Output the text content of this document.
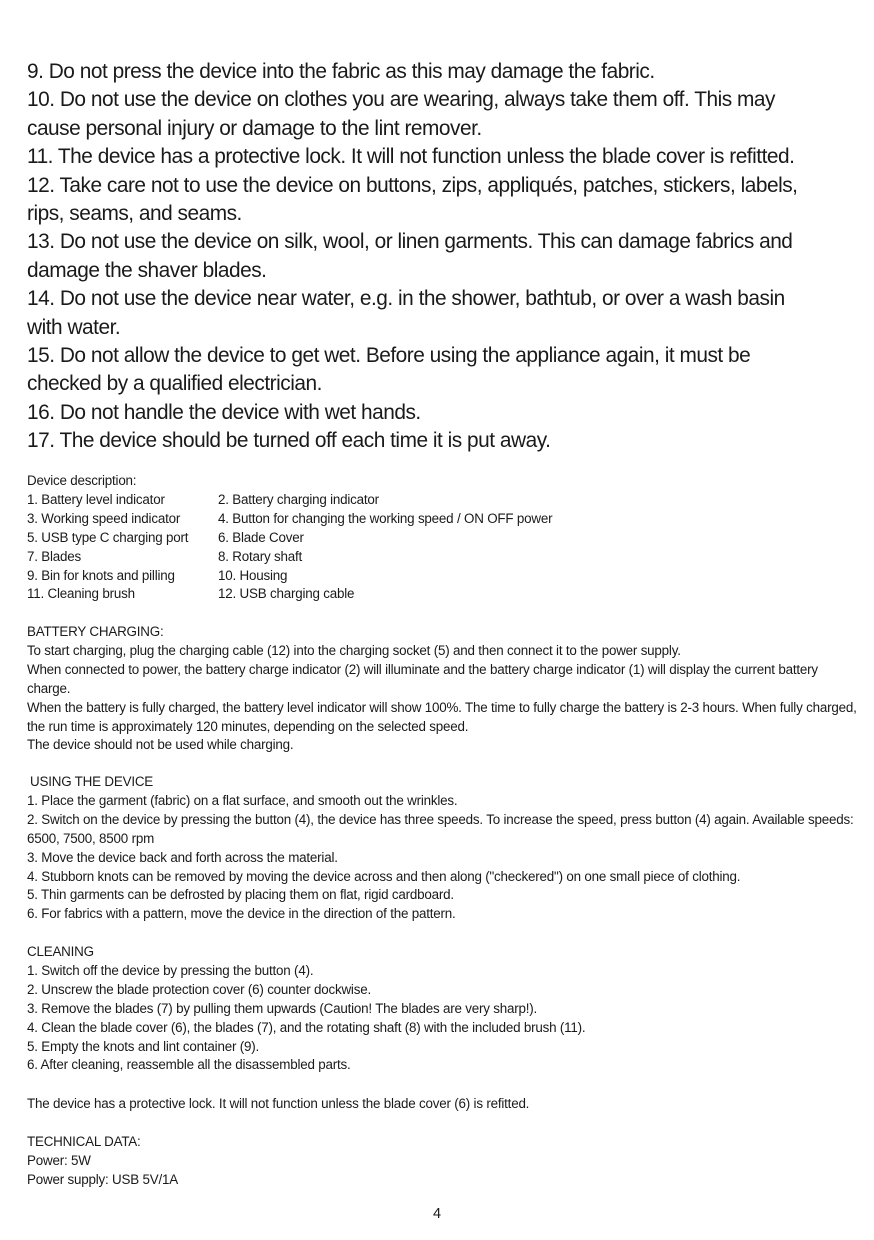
9. Do not press the device into the fabric as this may damage the fabric.

10. Do not use the device on clothes you are wearing, always take them off. This may cause personal injury or damage to the lint remover.

11. The device has a protective lock. It will not function unless the blade cover is refitted.

12. Take care not to use the device on buttons, zips, appliqués, patches, stickers, labels, rips, seams, and seams.

13. Do not use the device on silk, wool, or linen garments. This can damage fabrics and damage the shaver blades.

14. Do not use the device near water, e.g. in the shower, bathtub, or over a wash basin with water.

15. Do not allow the device to get wet. Before using the appliance again, it must be checked by a qualified electrician.

16. Do not handle the device with wet hands.

17. The device should be turned off each time it is put away.

Device description:

1. Battery level indicator	2. Battery charging indicator
3. Working speed indicator	4. Button for changing the working speed / ON OFF power
5. USB type C charging port	6. Blade Cover
7. Blades	8. Rotary shaft
9. Bin for knots and pilling	10. Housing
11. Cleaning brush	12. USB charging cable

BATTERY CHARGING:

To start charging, plug the charging cable (12) into the charging socket (5) and then connect it to the power supply.

When connected to power, the battery charge indicator (2) will illuminate and the battery charge indicator (1) will display the current battery charge.

When the battery is fully charged, the battery level indicator will show 100%. The time to fully charge the battery is 2-3 hours. When fully charged, the run time is approximately 120 minutes, depending on the selected speed.

The device should not be used while charging.

USING THE DEVICE

1. Place the garment (fabric) on a flat surface, and smooth out the wrinkles.

2. Switch on the device by pressing the button (4), the device has three speeds. To increase the speed, press button (4) again. Available speeds: 6500, 7500, 8500 rpm

3. Move the device back and forth across the material.

4. Stubborn knots can be removed by moving the device across and then along ("checkered") on one small piece of clothing.

5. Thin garments can be defrosted by placing them on flat, rigid cardboard.

6. For fabrics with a pattern, move the device in the direction of the pattern.

CLEANING

1. Switch off the device by pressing the button (4).

2. Unscrew the blade protection cover (6) counter dockwise.

3. Remove the blades (7) by pulling them upwards (Caution! The blades are very sharp!).

4. Clean the blade cover (6), the blades (7), and the rotating shaft (8) with the included brush (11).

5. Empty the knots and lint container (9).

6. After cleaning, reassemble all the disassembled parts.

The device has a protective lock. It will not function unless the blade cover (6) is refitted.

TECHNICAL DATA:

Power: 5W

Power supply: USB 5V/1A

4
